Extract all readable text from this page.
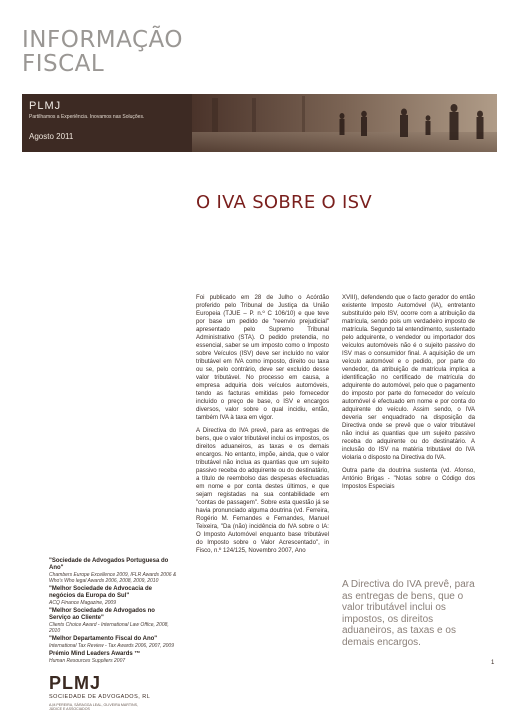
INFORMAÇÃO
FISCAL
PLMJ
Partilhamos a Experiência. Inovamos nas Soluções.
Agosto 2011
O IVA SOBRE O ISV

Foi publicado em 28 de Julho o Acórdão proferido pelo Tribunal de Justiça da União Europeia (TJUE – P. n.º C 106/10) e que teve por base um pedido de "reenvio prejudicial" apresentado pelo Supremo Tribunal Administrativo (STA). O pedido pretendia, no essencial, saber se um imposto como o Imposto sobre Veículos (ISV) deve ser incluído no valor tributável em IVA como imposto, direito ou taxa ou se, pelo contrário, deve ser excluído desse valor tributável. No processo em causa, a empresa adquiria dois veículos automóveis, tendo as facturas emitidas pelo fornecedor incluído o preço de base, o ISV e encargos diversos, valor sobre o qual incidiu, então, também IVA à taxa em vigor.

A Directiva do IVA prevê, para as entregas de bens, que o valor tributável inclui os impostos, os direitos aduaneiros, as taxas e os demais encargos. No entanto, impõe, ainda, que o valor tributável não inclua as quantias que um sujeito passivo receba do adquirente ou do destinatário, a título de reembolso das despesas efectuadas em nome e por conta destes últimos, e que sejam registadas na sua contabilidade em "contas de passagem". Sobre esta questão já se havia pronunciado alguma doutrina (vd. Ferreira, Rogério M. Fernandes e Fernandes, Manuel Teixeira, "Da (não) incidência do IVA sobre o IA: O Imposto Automóvel enquanto base tributável do Imposto sobre o Valor Acrescentado", in Fisco, n.º 124/125, Novembro 2007, Ano

XVIII), defendendo que o facto gerador do então existente Imposto Automóvel (IA), entretanto substituído pelo ISV, ocorre com a atribuição da matrícula, sendo pois um verdadeiro imposto de matrícula. Segundo tal entendimento, sustentado pelo adquirente, o vendedor ou importador dos veículos automóveis não é o sujeito passivo do ISV mas o consumidor final. A aquisição de um veículo automóvel e o pedido, por parte do vendedor, da atribuição de matrícula implica a identificação no certificado de matrícula do adquirente do automóvel, pelo que o pagamento do imposto por parte do fornecedor do veículo automóvel é efectuado em nome e por conta do adquirente do veículo. Assim sendo, o IVA deveria ser enquadrado na disposição da Directiva onde se prevê que o valor tributável não inclui as quantias que um sujeito passivo receba do adquirente ou do destinatário. A inclusão do ISV na matéria tributável do IVA violaria o disposto na Directiva do IVA.

Outra parte da doutrina sustenta (vd. Afonso, António Brigas - "Notas sobre o Código dos Impostos Especiais

A Directiva do IVA prevê, para as entregas de bens, que o valor tributável inclui os impostos, os direitos aduaneiros, as taxas e os demais encargos.
"Sociedade de Advogados Portuguesa do Ano"
Chambers Europe Excellence 2009, IFLR Awards 2006 & Who's Who legal Awards 2006, 2008, 2009, 2010
"Melhor Sociedade de Advocacia de negócios da Europa do Sul"
ACQ Finance Magazine, 2009
"Melhor Sociedade de Advogados no Serviço ao Cliente"
Clients Choice Award - International Law Office, 2008, 2010
"Melhor Departamento Fiscal do Ano"
International Tax Review - Tax Awards 2006, 2007, 2009
Prémio Mind Leaders Awards ™
Human Resources Suppliers 2007
PLMJ
SOCIEDADE DE ADVOGADOS, RL
A.M.PEREIRA, SÁRAGGA LEAL, OLIVEIRA MARTINS, JÚDICE E ASSOCIADOS
1
